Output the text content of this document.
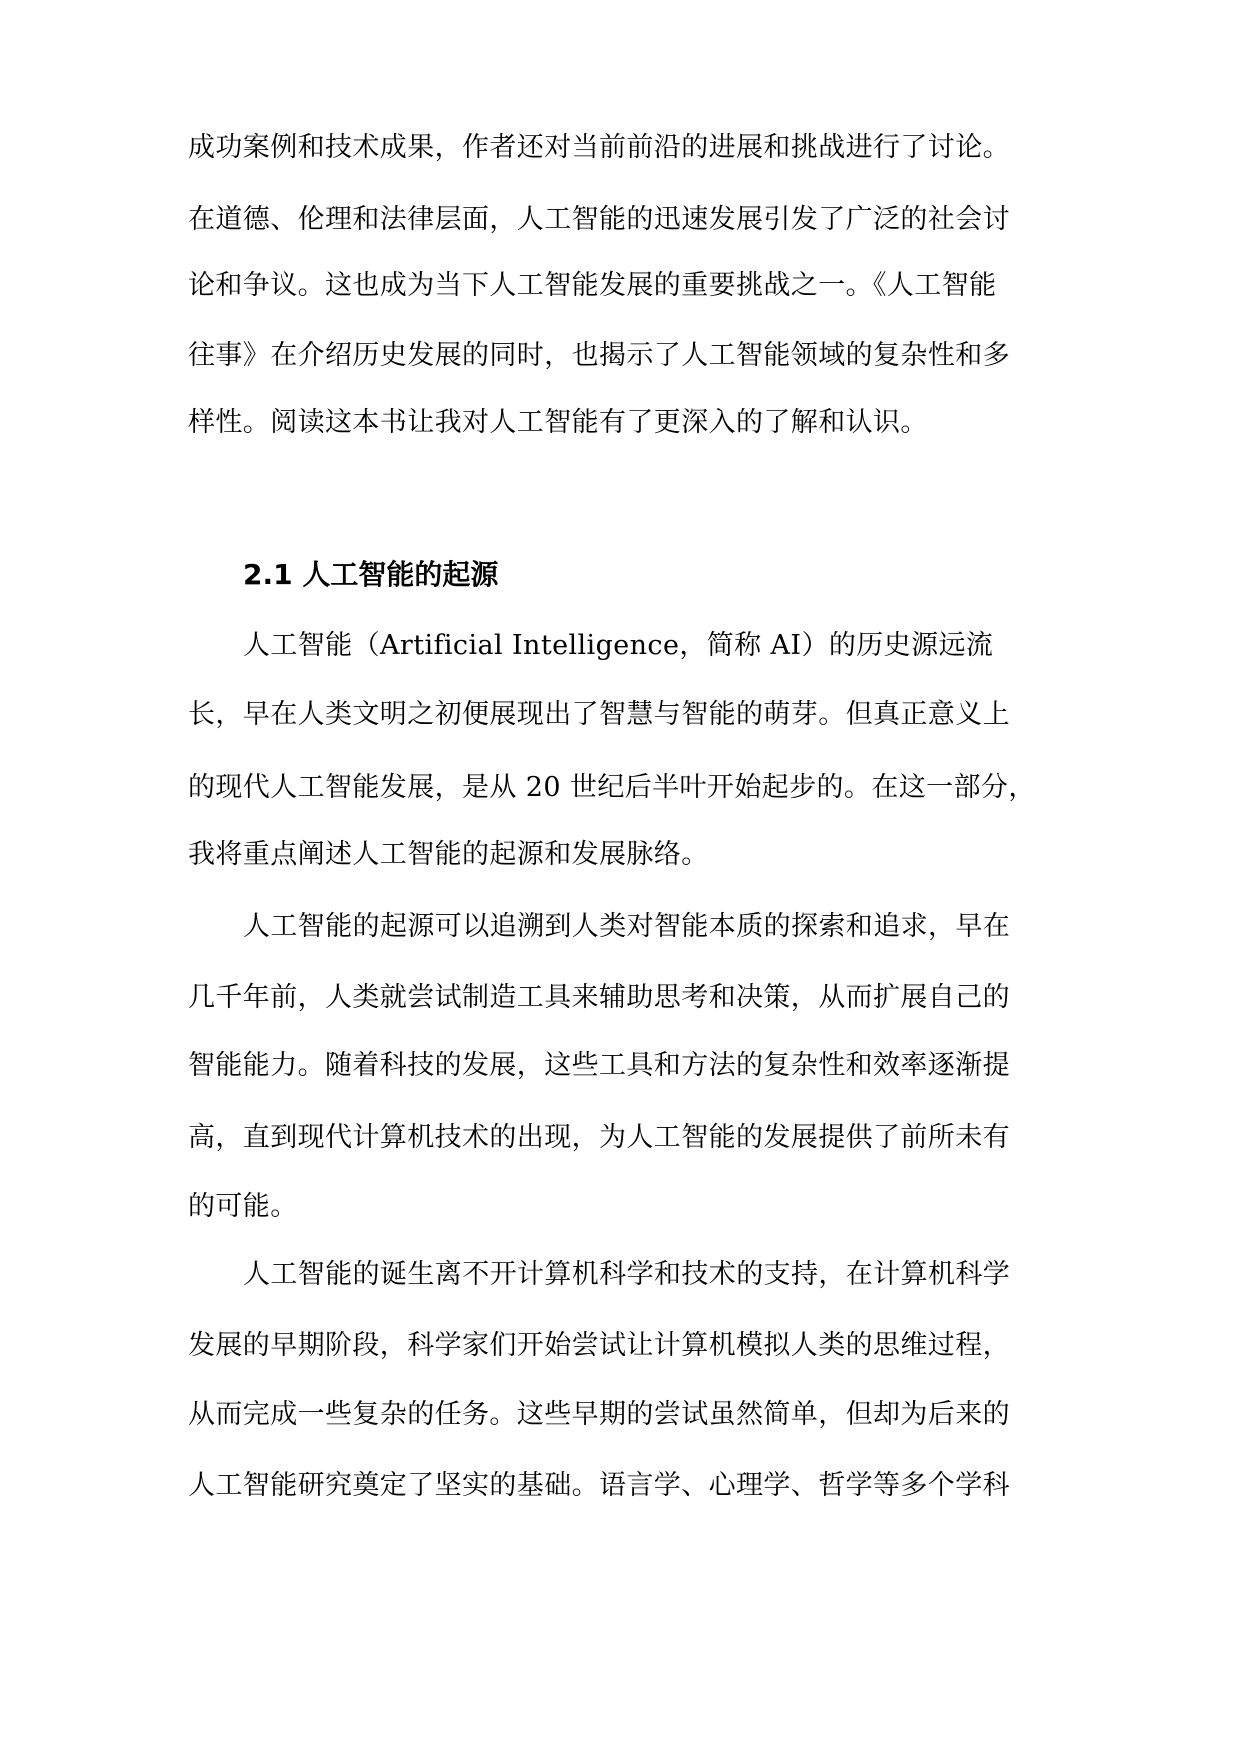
成功案例和技术成果，作者还对当前前沿的进展和挑战进行了讨论。
在道德、伦理和法律层面，人工智能的迅速发展引发了广泛的社会讨
论和争议。这也成为当下人工智能发展的重要挑战之一。《人工智能
往事》在介绍历史发展的同时，也揭示了人工智能领域的复杂性和多
样性。阅读这本书让我对人工智能有了更深入的了解和认识。
2.1 人工智能的起源
人工智能（Artificial Intelligence，简称 AI）的历史源远流
长，早在人类文明之初便展现出了智慧与智能的萌芽。但真正意义上
的现代人工智能发展，是从 20 世纪后半叶开始起步的。在这一部分，
我将重点阐述人工智能的起源和发展脉络。
人工智能的起源可以追溯到人类对智能本质的探索和追求，早在
几千年前，人类就尝试制造工具来辅助思考和决策，从而扩展自己的
智能能力。随着科技的发展，这些工具和方法的复杂性和效率逐渐提
高，直到现代计算机技术的出现，为人工智能的发展提供了前所未有
的可能。
人工智能的诞生离不开计算机科学和技术的支持，在计算机科学
发展的早期阶段，科学家们开始尝试让计算机模拟人类的思维过程，
从而完成一些复杂的任务。这些早期的尝试虽然简单，但却为后来的
人工智能研究奠定了坚实的基础。语言学、心理学、哲学等多个学科
